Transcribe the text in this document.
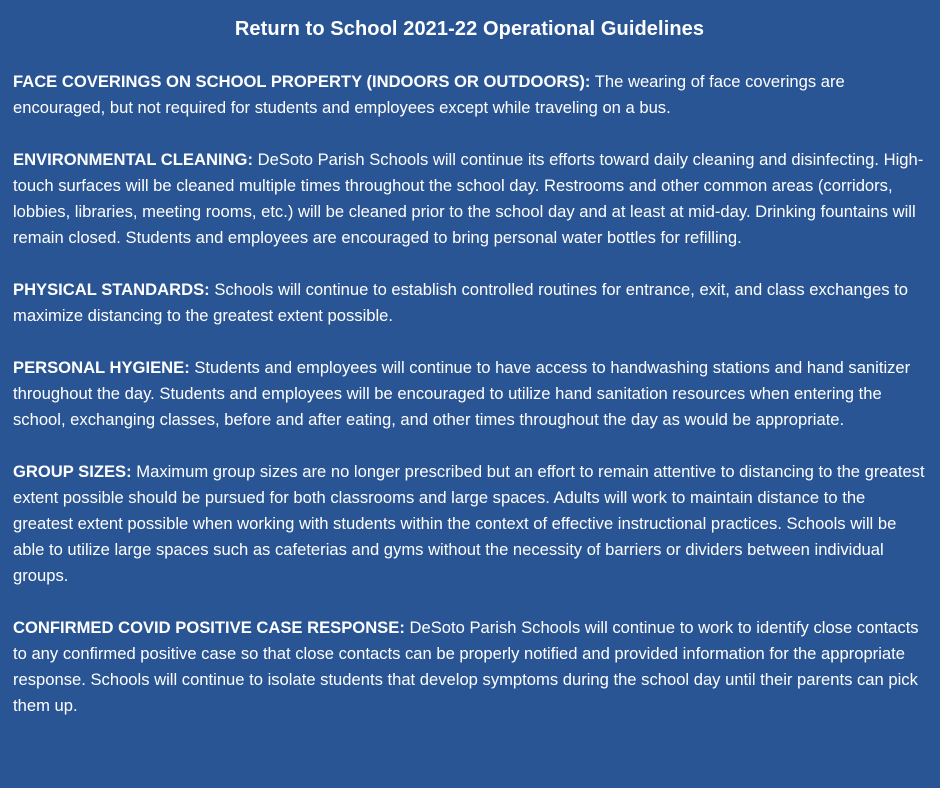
Return to School 2021-22 Operational Guidelines
FACE COVERINGS ON SCHOOL PROPERTY (INDOORS OR OUTDOORS): The wearing of face coverings are encouraged, but not required for students and employees except while traveling on a bus.
ENVIRONMENTAL CLEANING: DeSoto Parish Schools will continue its efforts toward daily cleaning and disinfecting. High-touch surfaces will be cleaned multiple times throughout the school day. Restrooms and other common areas (corridors, lobbies, libraries, meeting rooms, etc.) will be cleaned prior to the school day and at least at mid-day. Drinking fountains will remain closed. Students and employees are encouraged to bring personal water bottles for refilling.
PHYSICAL STANDARDS: Schools will continue to establish controlled routines for entrance, exit, and class exchanges to maximize distancing to the greatest extent possible.
PERSONAL HYGIENE: Students and employees will continue to have access to handwashing stations and hand sanitizer throughout the day. Students and employees will be encouraged to utilize hand sanitation resources when entering the school, exchanging classes, before and after eating, and other times throughout the day as would be appropriate.
GROUP SIZES: Maximum group sizes are no longer prescribed but an effort to remain attentive to distancing to the greatest extent possible should be pursued for both classrooms and large spaces. Adults will work to maintain distance to the greatest extent possible when working with students within the context of effective instructional practices. Schools will be able to utilize large spaces such as cafeterias and gyms without the necessity of barriers or dividers between individual groups.
CONFIRMED COVID POSITIVE CASE RESPONSE: DeSoto Parish Schools will continue to work to identify close contacts to any confirmed positive case so that close contacts can be properly notified and provided information for the appropriate response. Schools will continue to isolate students that develop symptoms during the school day until their parents can pick them up.
